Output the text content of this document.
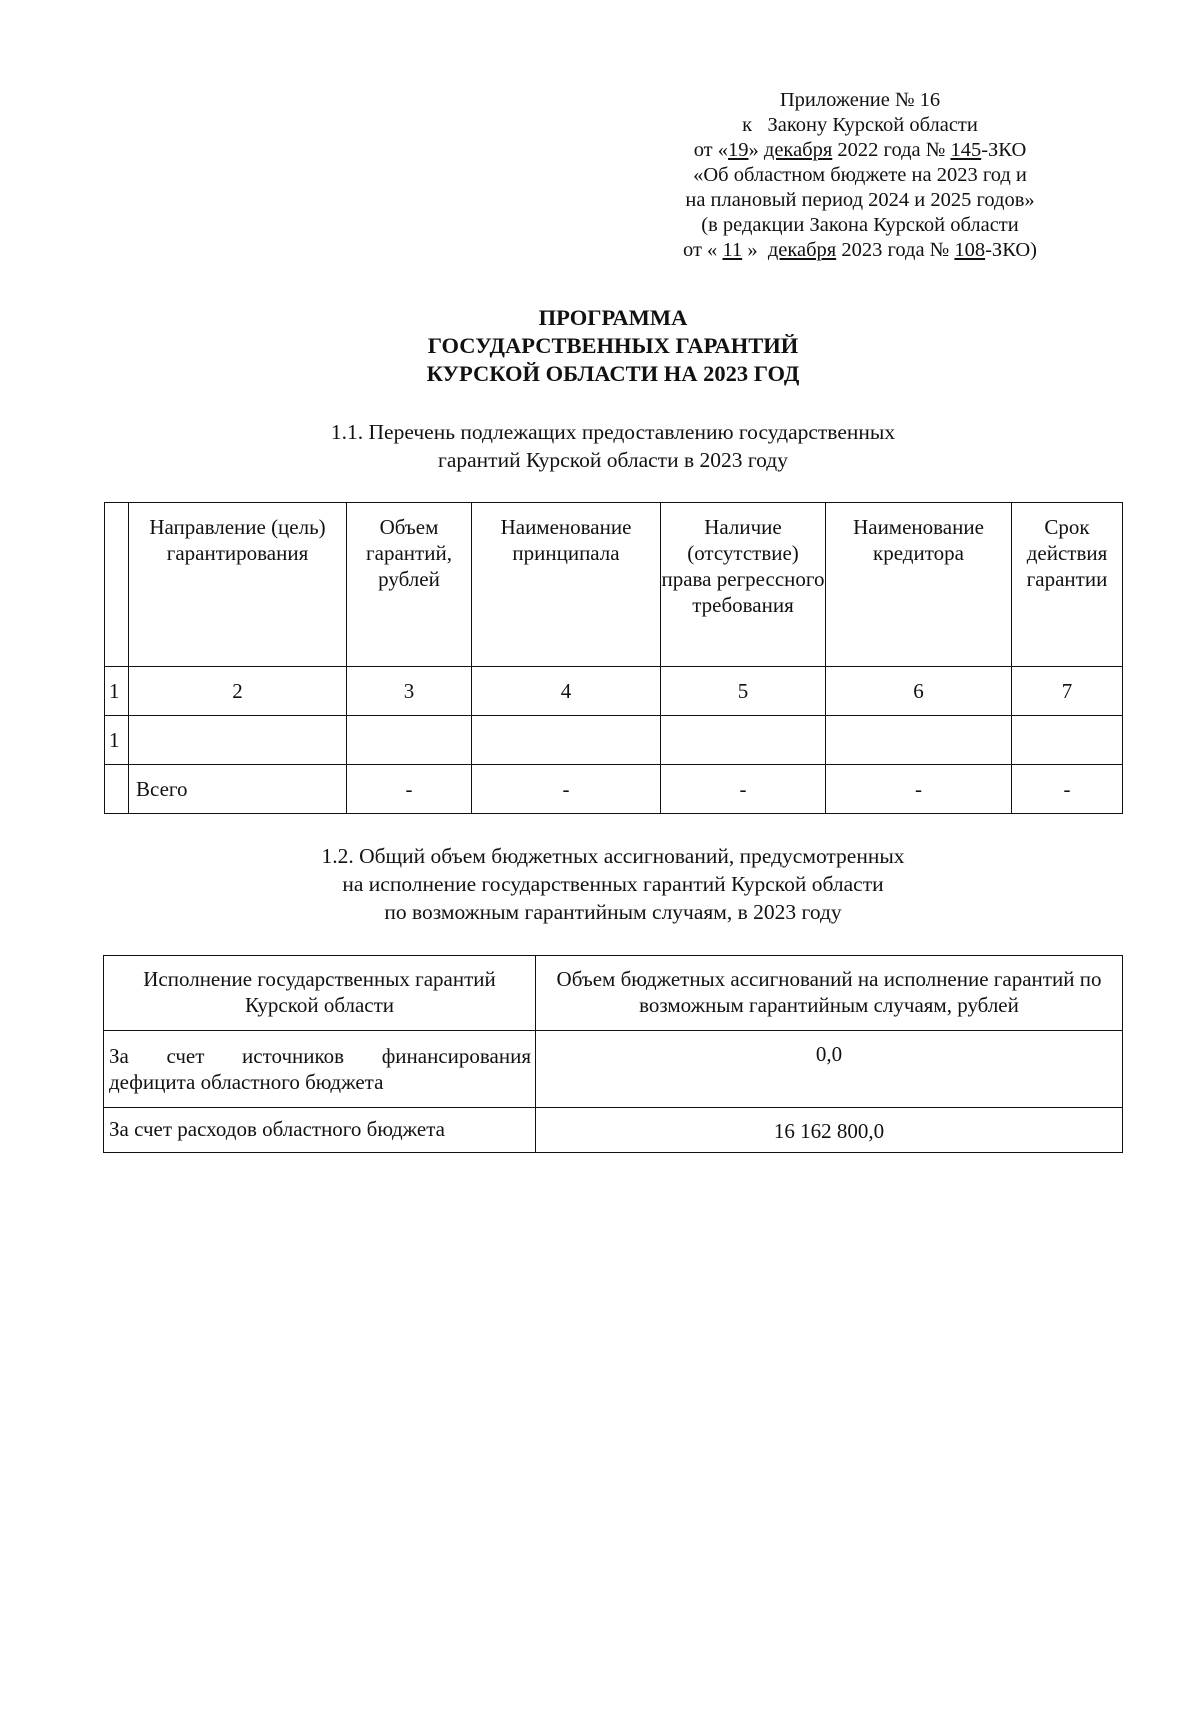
Приложение № 16
к   Закону Курской области
от «19» декабря 2022 года № 145-ЗКО
«Об областном бюджете на 2023 год и
на плановый период 2024 и 2025 годов»
(в редакции Закона Курской области
от « 11 »  декабря 2023 года № 108-ЗКО)
ПРОГРАММА
ГОСУДАРСТВЕННЫХ ГАРАНТИЙ
КУРСКОЙ ОБЛАСТИ НА 2023 ГОД
1.1. Перечень подлежащих предоставлению государственных
гарантий Курской области в 2023 году
	Направление (цель) гарантирования	Объем гарантий, рублей	Наименование принципала	Наличие (отсутствие) права регрессного требования	Наименование кредитора	Срок действия гарантии
1	2	3	4	5	6	7
1						
	Всего	-	-	-	-	-
1.2. Общий объем бюджетных ассигнований, предусмотренных
на исполнение государственных гарантий Курской области
по возможным гарантийным случаям, в 2023 году
Исполнение государственных гарантий Курской области	Объем бюджетных ассигнований на исполнение гарантий по возможным гарантийным случаям, рублей

За счет источников финансирования
дефицита областного бюджета	0,0
За счет расходов областного бюджета	16 162 800,0
